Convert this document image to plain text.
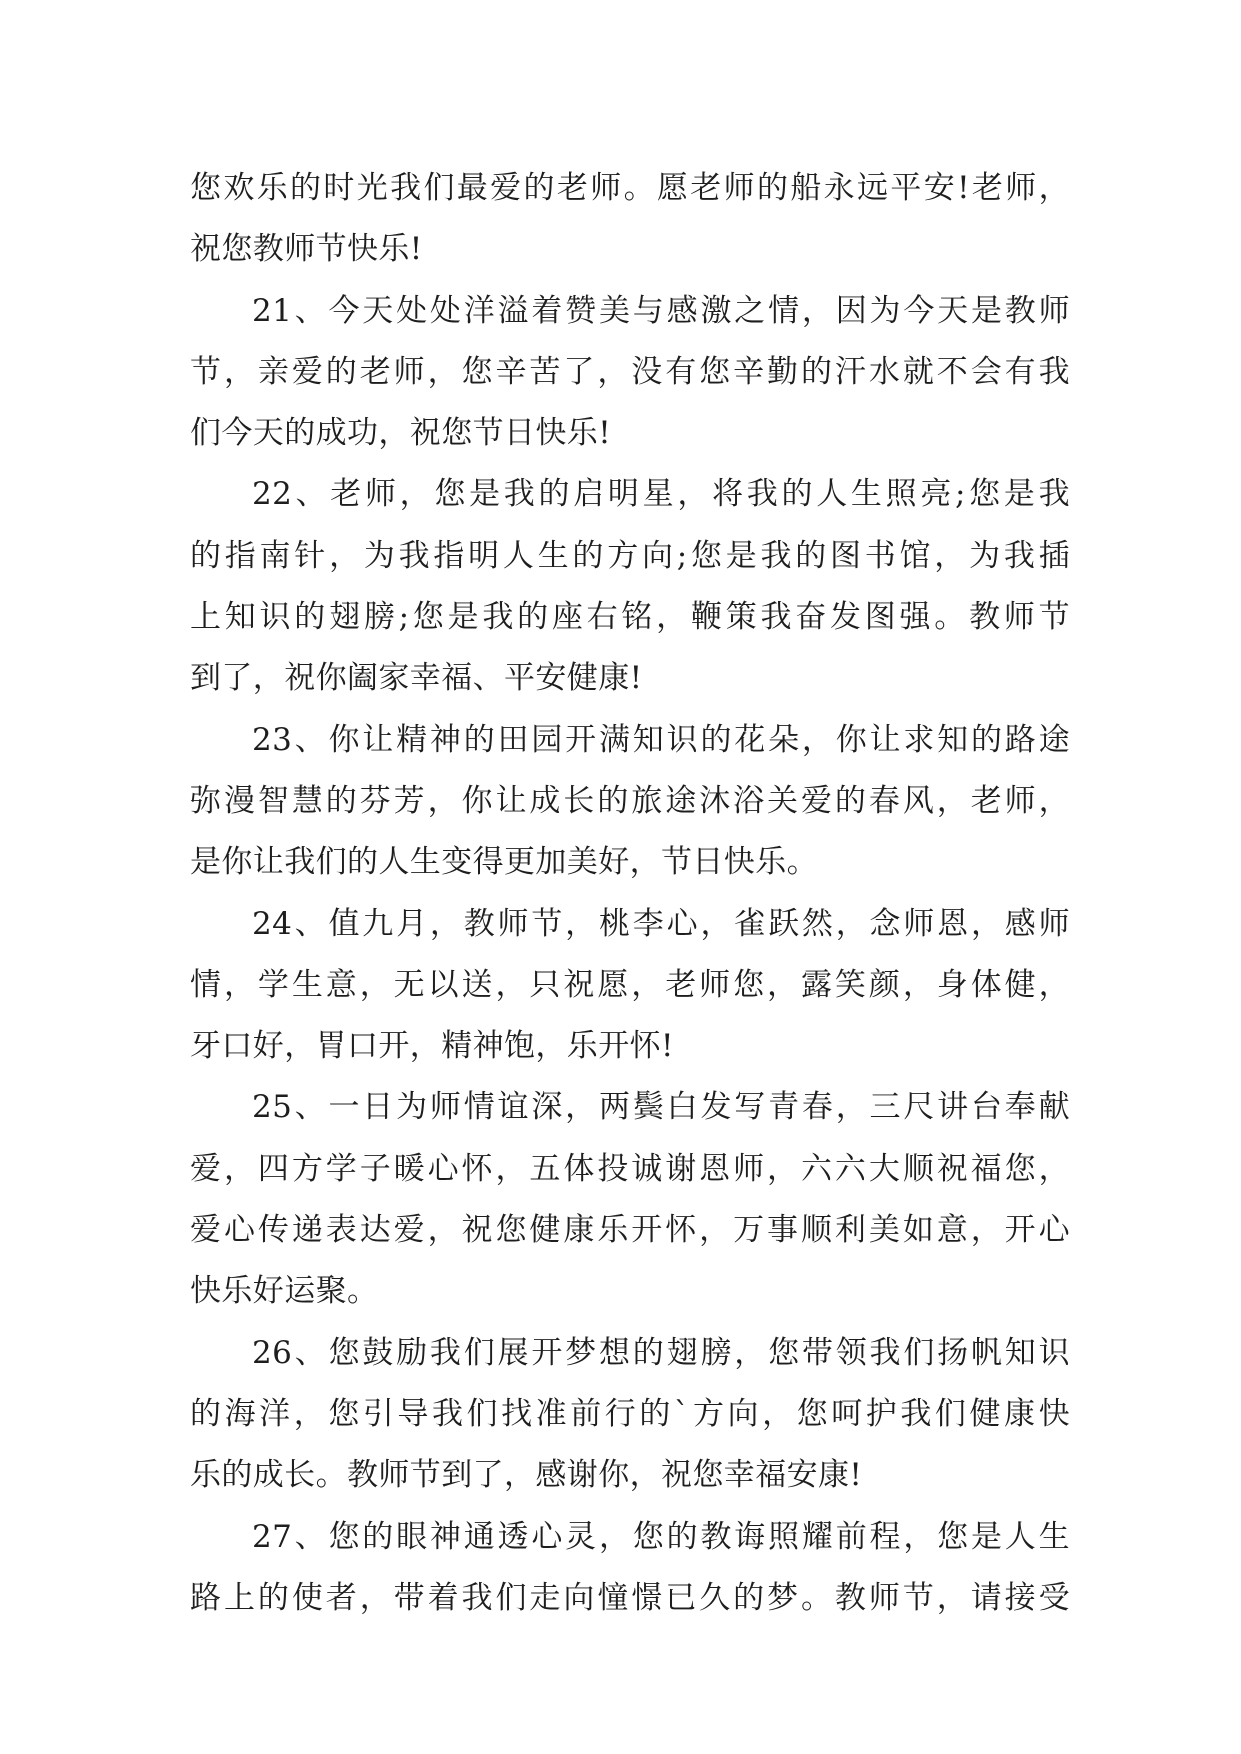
您欢乐的时光我们最爱的老师。愿老师的船永远平安!老师，
祝您教师节快乐!
21、今天处处洋溢着赞美与感激之情，因为今天是教师
节，亲爱的老师，您辛苦了，没有您辛勤的汗水就不会有我
们今天的成功，祝您节日快乐!
22、老师，您是我的启明星，将我的人生照亮;您是我
的指南针，为我指明人生的方向;您是我的图书馆，为我插
上知识的翅膀;您是我的座右铭，鞭策我奋发图强。教师节
到了，祝你阖家幸福、平安健康!
23、你让精神的田园开满知识的花朵，你让求知的路途
弥漫智慧的芬芳，你让成长的旅途沐浴关爱的春风，老师，
是你让我们的人生变得更加美好，节日快乐。
24、值九月，教师节，桃李心，雀跃然，念师恩，感师
情，学生意，无以送，只祝愿，老师您，露笑颜，身体健，
牙口好，胃口开，精神饱，乐开怀!
25、一日为师情谊深，两鬓白发写青春，三尺讲台奉献
爱，四方学子暖心怀，五体投诚谢恩师，六六大顺祝福您，
爱心传递表达爱，祝您健康乐开怀，万事顺利美如意，开心
快乐好运聚。
26、您鼓励我们展开梦想的翅膀，您带领我们扬帆知识
的海洋，您引导我们找准前行的`方向，您呵护我们健康快
乐的成长。教师节到了，感谢你，祝您幸福安康!
27、您的眼神通透心灵，您的教诲照耀前程，您是人生
路上的使者，带着我们走向憧憬已久的梦。教师节，请接受
